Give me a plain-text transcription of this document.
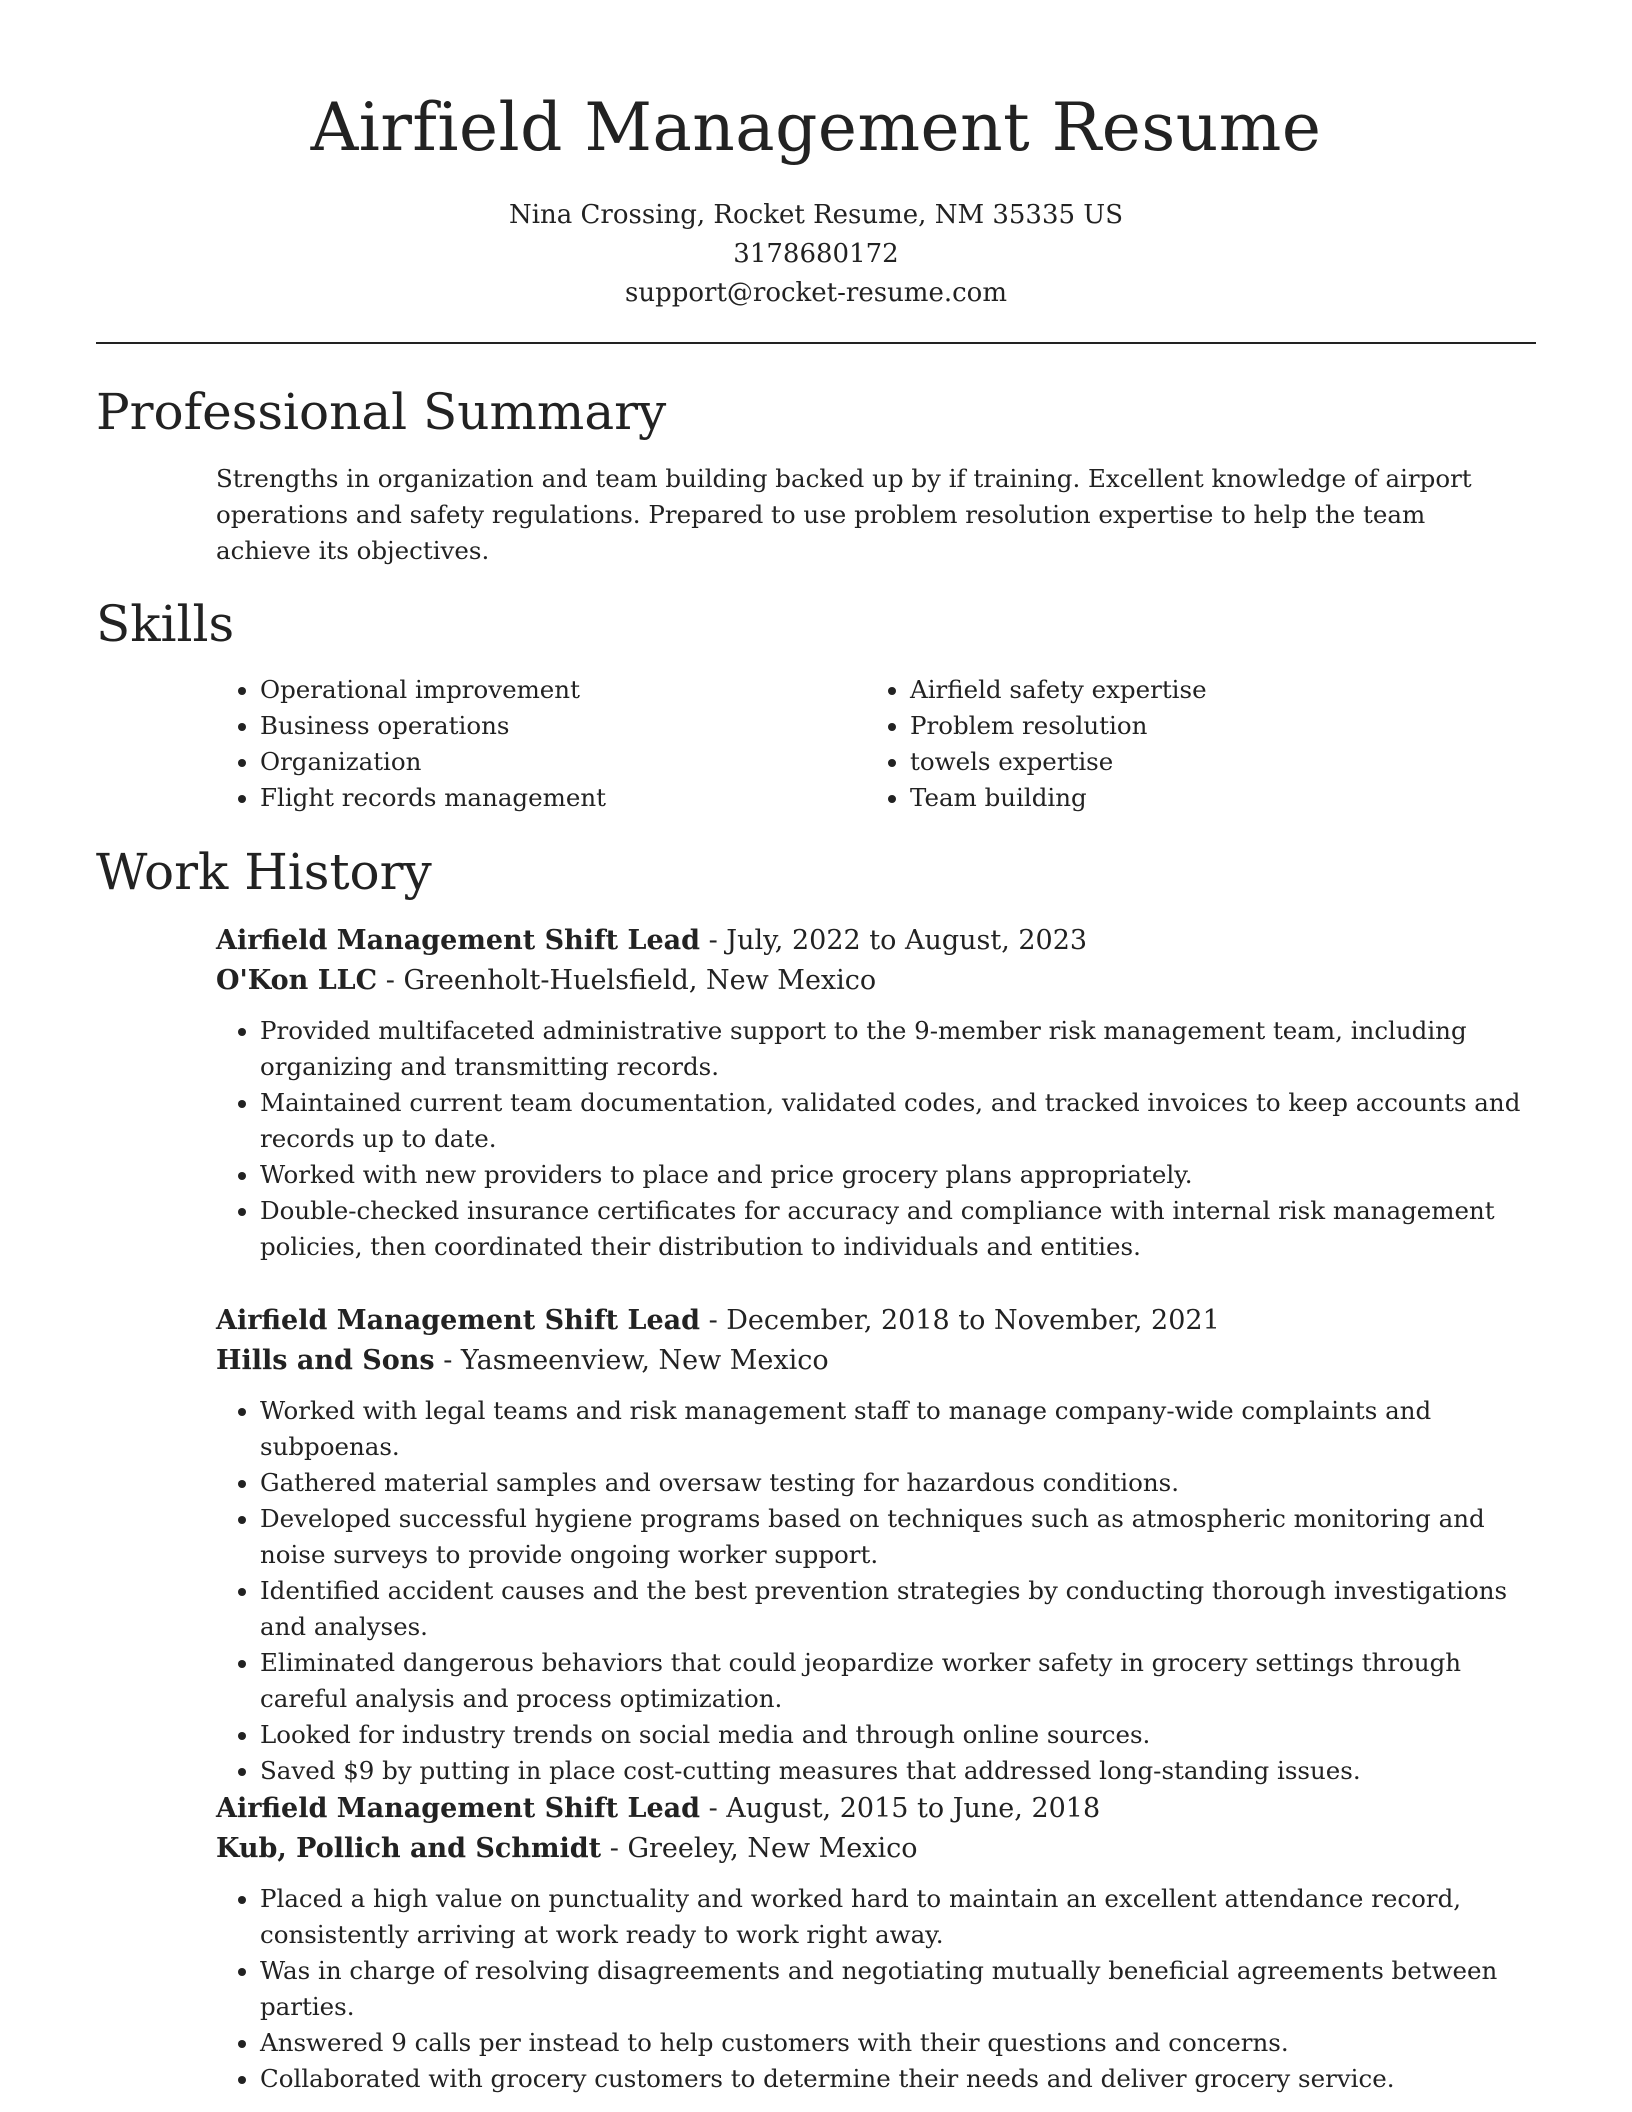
Airfield Management Resume
Nina Crossing, Rocket Resume, NM 35335 US
3178680172
support@rocket-resume.com
Professional Summary

Strengths in organization and team building backed up by if training. Excellent knowledge of airport operations and safety regulations. Prepared to use problem resolution expertise to help the team achieve its objectives.

Skills
• Operational improvement
• Business operations
• Organization
• Flight records management
• Airfield safety expertise
• Problem resolution
• towels expertise
• Team building
Work History
Airfield Management Shift Lead - July, 2022 to August, 2023
O'Kon LLC - Greenholt-Huelsfield, New Mexico
• Provided multifaceted administrative support to the 9-member risk management team, including organizing and transmitting records.
• Maintained current team documentation, validated codes, and tracked invoices to keep accounts and records up to date.
• Worked with new providers to place and price grocery plans appropriately.
• Double-checked insurance certificates for accuracy and compliance with internal risk management policies, then coordinated their distribution to individuals and entities.
Airfield Management Shift Lead - December, 2018 to November, 2021
Hills and Sons - Yasmeenview, New Mexico
• Worked with legal teams and risk management staff to manage company-wide complaints and subpoenas.
• Gathered material samples and oversaw testing for hazardous conditions.
• Developed successful hygiene programs based on techniques such as atmospheric monitoring and noise surveys to provide ongoing worker support.
• Identified accident causes and the best prevention strategies by conducting thorough investigations and analyses.
• Eliminated dangerous behaviors that could jeopardize worker safety in grocery settings through careful analysis and process optimization.
• Looked for industry trends on social media and through online sources.
• Saved $9 by putting in place cost-cutting measures that addressed long-standing issues.
Airfield Management Shift Lead - August, 2015 to June, 2018
Kub, Pollich and Schmidt - Greeley, New Mexico
• Placed a high value on punctuality and worked hard to maintain an excellent attendance record, consistently arriving at work ready to work right away.
• Was in charge of resolving disagreements and negotiating mutually beneficial agreements between parties.
• Answered 9 calls per instead to help customers with their questions and concerns.
• Collaborated with grocery customers to determine their needs and deliver grocery service.
